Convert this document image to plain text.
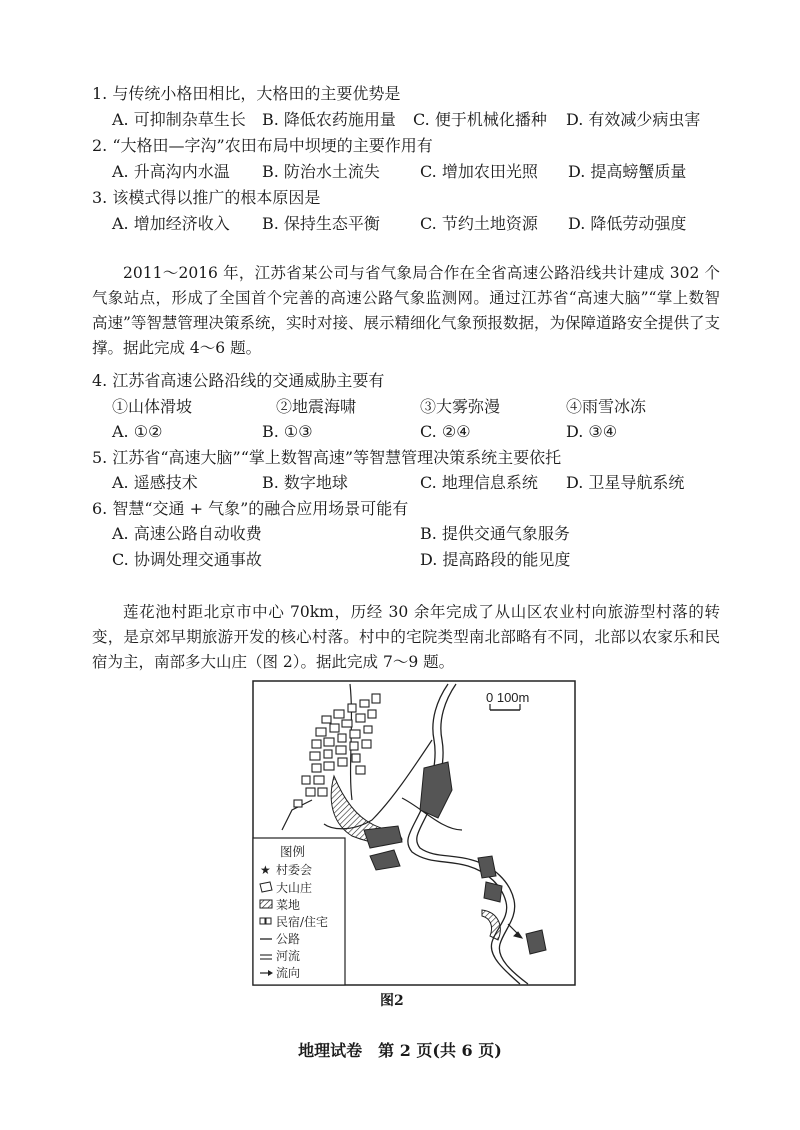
1. 与传统小格田相比，大格田的主要优势是
A. 可抑制杂草生长 B. 降低农药施用量 C. 便于机械化播种 D. 有效减少病虫害
2. “大格田—字沟”农田布局中坝埂的主要作用有
A. 升高沟内水温 B. 防治水土流失	C. 增加农田光照 D. 提高螃蟹质量
3. 该模式得以推广的根本原因是
A. 增加经济收入 B. 保持生态平衡	C. 节约土地资源 D. 降低劳动强度

2011～2016 年，江苏省某公司与省气象局合作在全省高速公路沿线共计建成 302 个气象站点，形成了全国首个完善的高速公路气象监测网。通过江苏省“高速大脑”“掌上数智高速”等智慧管理决策系统，实时对接、展示精细化气象预报数据，为保障道路安全提供了支撑。据此完成 4～6 题。

4. 江苏省高速公路沿线的交通威胁主要有
①山体滑坡	②地震海啸	③大雾弥漫	④雨雪冰冻
A. ①②	B. ①③	C. ②④	D. ③④
5. 江苏省“高速大脑”“掌上数智高速”等智慧管理决策系统主要依托
A. 遥感技术	B. 数字地球	C. 地理信息系统 D. 卫星导航系统
6. 智慧“交通 + 气象”的融合应用场景可能有
A. 高速公路自动收费	B. 提供交通气象服务
C. 协调处理交通事故	D. 提高路段的能见度

莲花池村距北京市中心 70km，历经 30 余年完成了从山区农业村向旅游型村落的转变，是京郊早期旅游开发的核心村落。村中的宅院类型南北部略有不同，北部以农家乐和民宿为主，南部多大山庄（图 2）。据此完成 7～9 题。

0 100m
图例
★ 村委会
大山庄
菜地
民宿/住宅
公路
河流
流向
图2
地理试卷　第 2 页(共 6 页)
